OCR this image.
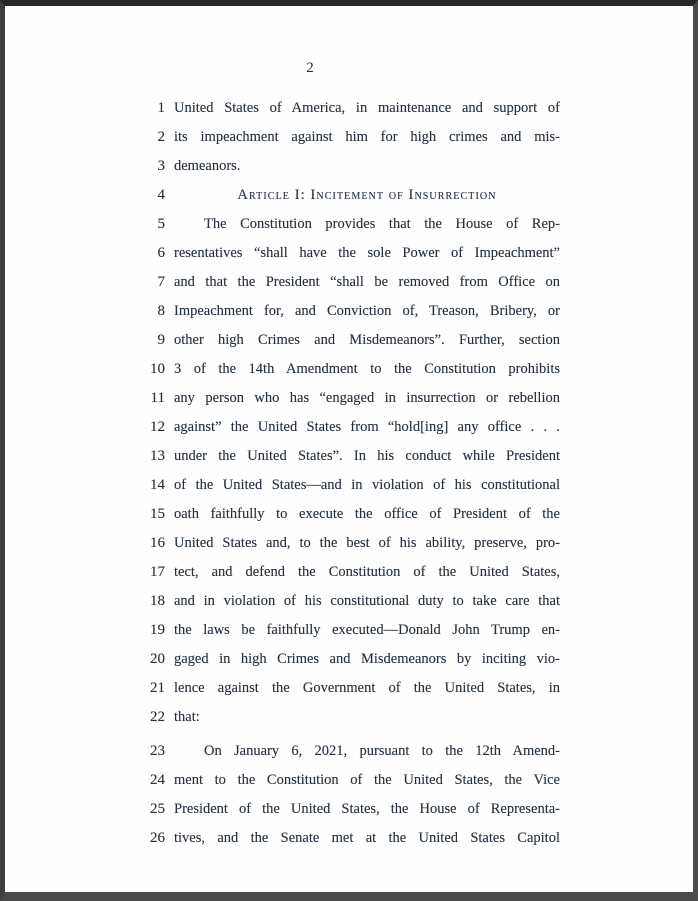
2
1 United States of America, in maintenance and support of
2 its impeachment against him for high crimes and mis-
3 demeanors.
4	Article I: Incitement of Insurrection
5	The Constitution provides that the House of Rep-
6 resentatives “shall have the sole Power of Impeachment”
7 and that the President “shall be removed from Office on
8 Impeachment for, and Conviction of, Treason, Bribery, or
9 other high Crimes and Misdemeanors”. Further, section
10 3 of the 14th Amendment to the Constitution prohibits
11 any person who has “engaged in insurrection or rebellion
12 against” the United States from “hold[ing] any office . . .
13 under the United States”. In his conduct while President
14 of the United States—and in violation of his constitutional
15 oath faithfully to execute the office of President of the
16 United States and, to the best of his ability, preserve, pro-
17 tect, and defend the Constitution of the United States,
18 and in violation of his constitutional duty to take care that
19 the laws be faithfully executed—Donald John Trump en-
20 gaged in high Crimes and Misdemeanors by inciting vio-
21 lence against the Government of the United States, in
22 that:
23	On January 6, 2021, pursuant to the 12th Amend-
24 ment to the Constitution of the United States, the Vice
25 President of the United States, the House of Representa-
26 tives, and the Senate met at the United States Capitol
